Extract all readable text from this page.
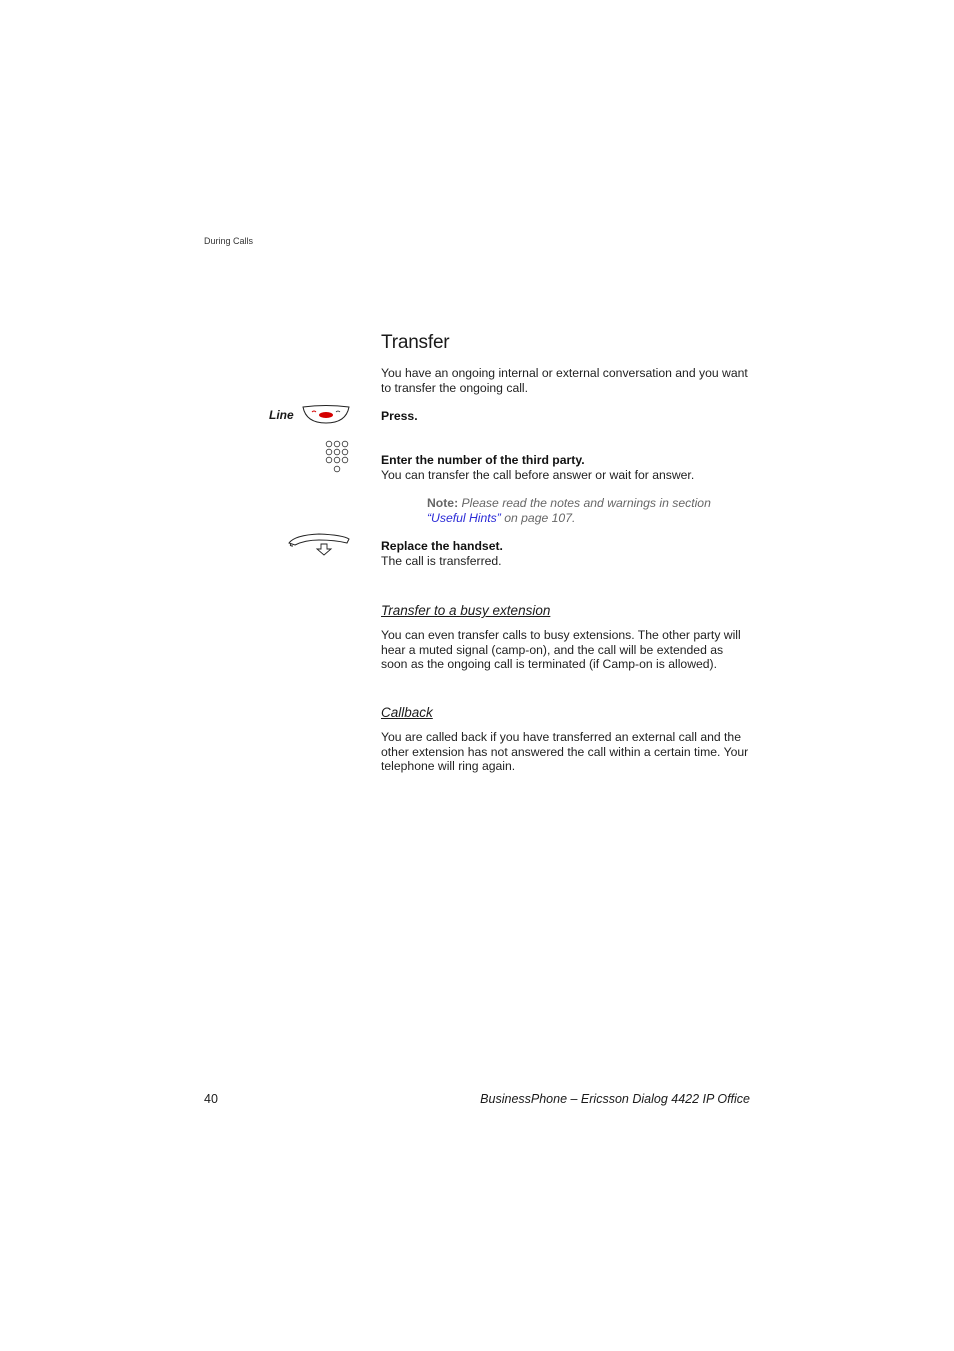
During Calls
Transfer
You have an ongoing internal or external conversation and you want to transfer the ongoing call.
Line	Press.
Enter the number of the third party.
You can transfer the call before answer or wait for answer.
Note: Please read the notes and warnings in section “Useful Hints” on page 107.
Replace the handset.
The call is transferred.
Transfer to a busy extension
You can even transfer calls to busy extensions. The other party will hear a muted signal (camp-on), and the call will be extended as soon as the ongoing call is terminated (if Camp-on is allowed).
Callback
You are called back if you have transferred an external call and the other extension has not answered the call within a certain time. Your telephone will ring again.
40	BusinessPhone – Ericsson Dialog 4422 IP Office
